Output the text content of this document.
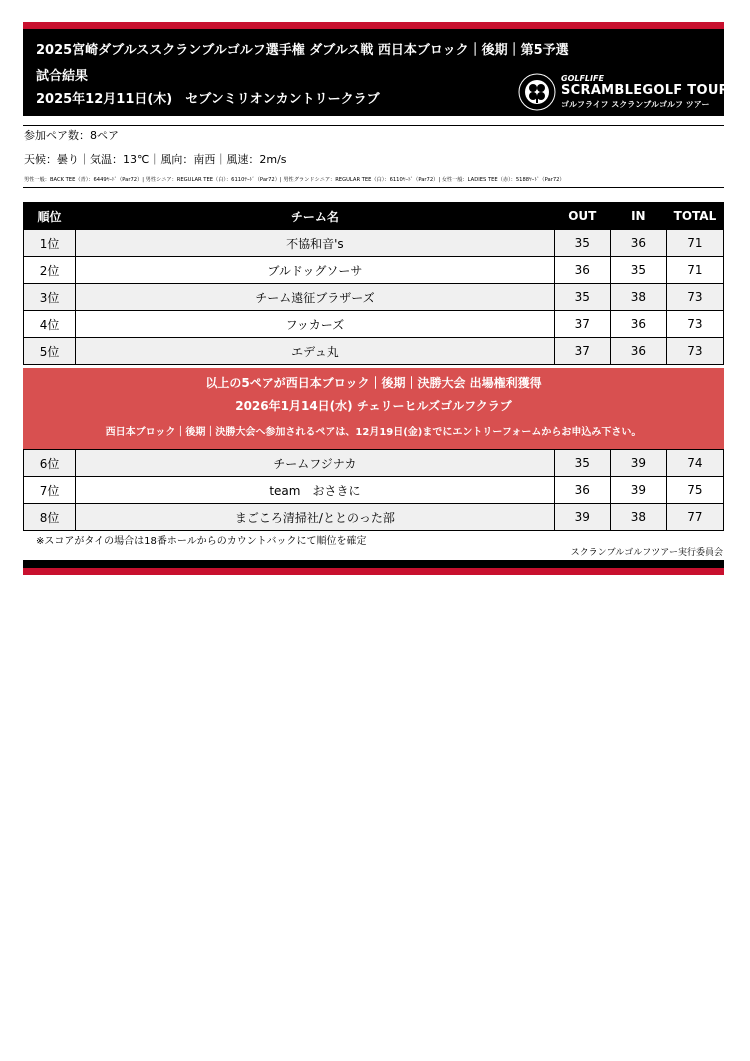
2025宮崎ダブルススクランブルゴルフ選手権 ダブルス戦 西日本ブロック｜後期｜第5予選
試合結果
2025年12月11日(木)　セブンミリオンカントリークラブ
GOLFLIFE
SCRAMBLEGOLF TOUR
ゴルフライフ スクランブルゴルフ ツアー
参加ペア数：8ペア
天候：曇り｜気温：13℃｜風向：南西｜風速：2m/s
男性一般：BACK TEE（青）：6449ﾔｰﾄﾞ（Par72）| 男性シニア：REGULAR TEE（白）：6110ﾔｰﾄﾞ（Par72）| 男性グランドシニア：REGULAR TEE（白）：6110ﾔｰﾄﾞ（Par72）| 女性一般：LADIES TEE（赤）：5188ﾔｰﾄﾞ（Par72）
順位	チーム名	OUT	IN	TOTAL
1位	不協和音's	35	36	71
2位	ブルドッグソーサ	36	35	71
3位	チーム遠征ブラザーズ	35	38	73
4位	フッカーズ	37	36	73
5位	エデュ丸	37	36	73
以上の5ペアが西日本ブロック｜後期｜決勝大会 出場権利獲得
2026年1月14日(水) チェリーヒルズゴルフクラブ
西日本ブロック｜後期｜決勝大会へ参加されるペアは、12月19日(金)までにエントリーフォームからお申込み下さい。
6位	チームフジナカ	35	39	74
7位	team　おさきに	36	39	75
8位	まごころ清掃社/ととのった部	39	38	77
※スコアがタイの場合は18番ホールからのカウントバックにて順位を確定
スクランブルゴルフツアー実行委員会
